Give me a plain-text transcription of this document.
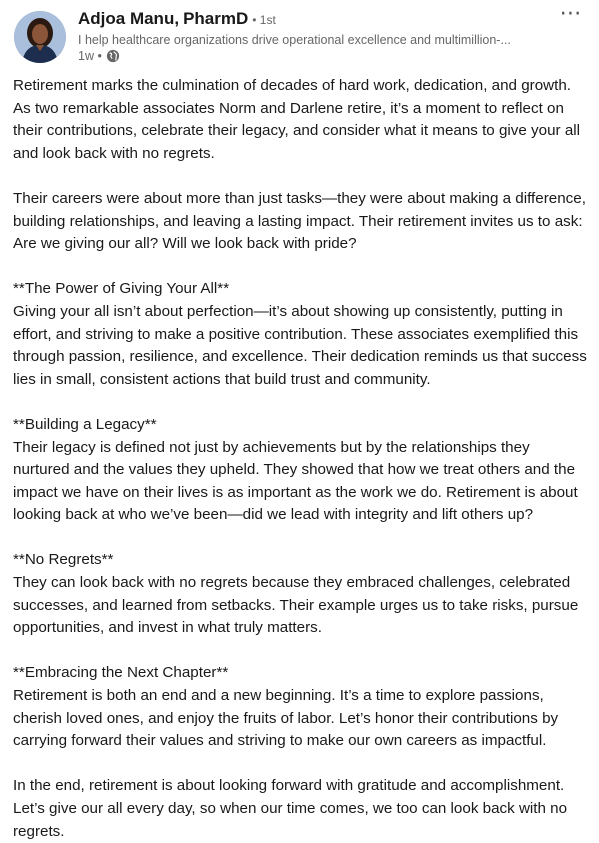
Adjoa Manu, PharmD • 1st
I help healthcare organizations drive operational excellence and multimillion-...
1w •
⋯

Retirement marks the culmination of decades of hard work, dedication, and growth. As two remarkable associates Norm and Darlene retire, it’s a moment to reflect on their contributions, celebrate their legacy, and consider what it means to give your all and look back with no regrets.

Their careers were about more than just tasks—they were about making a difference, building relationships, and leaving a lasting impact. Their retirement invites us to ask: Are we giving our all? Will we look back with pride?

**The Power of Giving Your All**
Giving your all isn’t about perfection—it’s about showing up consistently, putting in effort, and striving to make a positive contribution. These associates exemplified this through passion, resilience, and excellence. Their dedication reminds us that success lies in small, consistent actions that build trust and community.

**Building a Legacy**
Their legacy is defined not just by achievements but by the relationships they nurtured and the values they upheld. They showed that how we treat others and the impact we have on their lives is as important as the work we do. Retirement is about looking back at who we’ve been—did we lead with integrity and lift others up?

**No Regrets**
They can look back with no regrets because they embraced challenges, celebrated successes, and learned from setbacks. Their example urges us to take risks, pursue opportunities, and invest in what truly matters.

**Embracing the Next Chapter**
Retirement is both an end and a new beginning. It’s a time to explore passions, cherish loved ones, and enjoy the fruits of labor. Let’s honor their contributions by carrying forward their values and striving to make our own careers as impactful.

In the end, retirement is about looking forward with gratitude and accomplishment. Let’s give our all every day, so when our time comes, we too can look back with no regrets.
